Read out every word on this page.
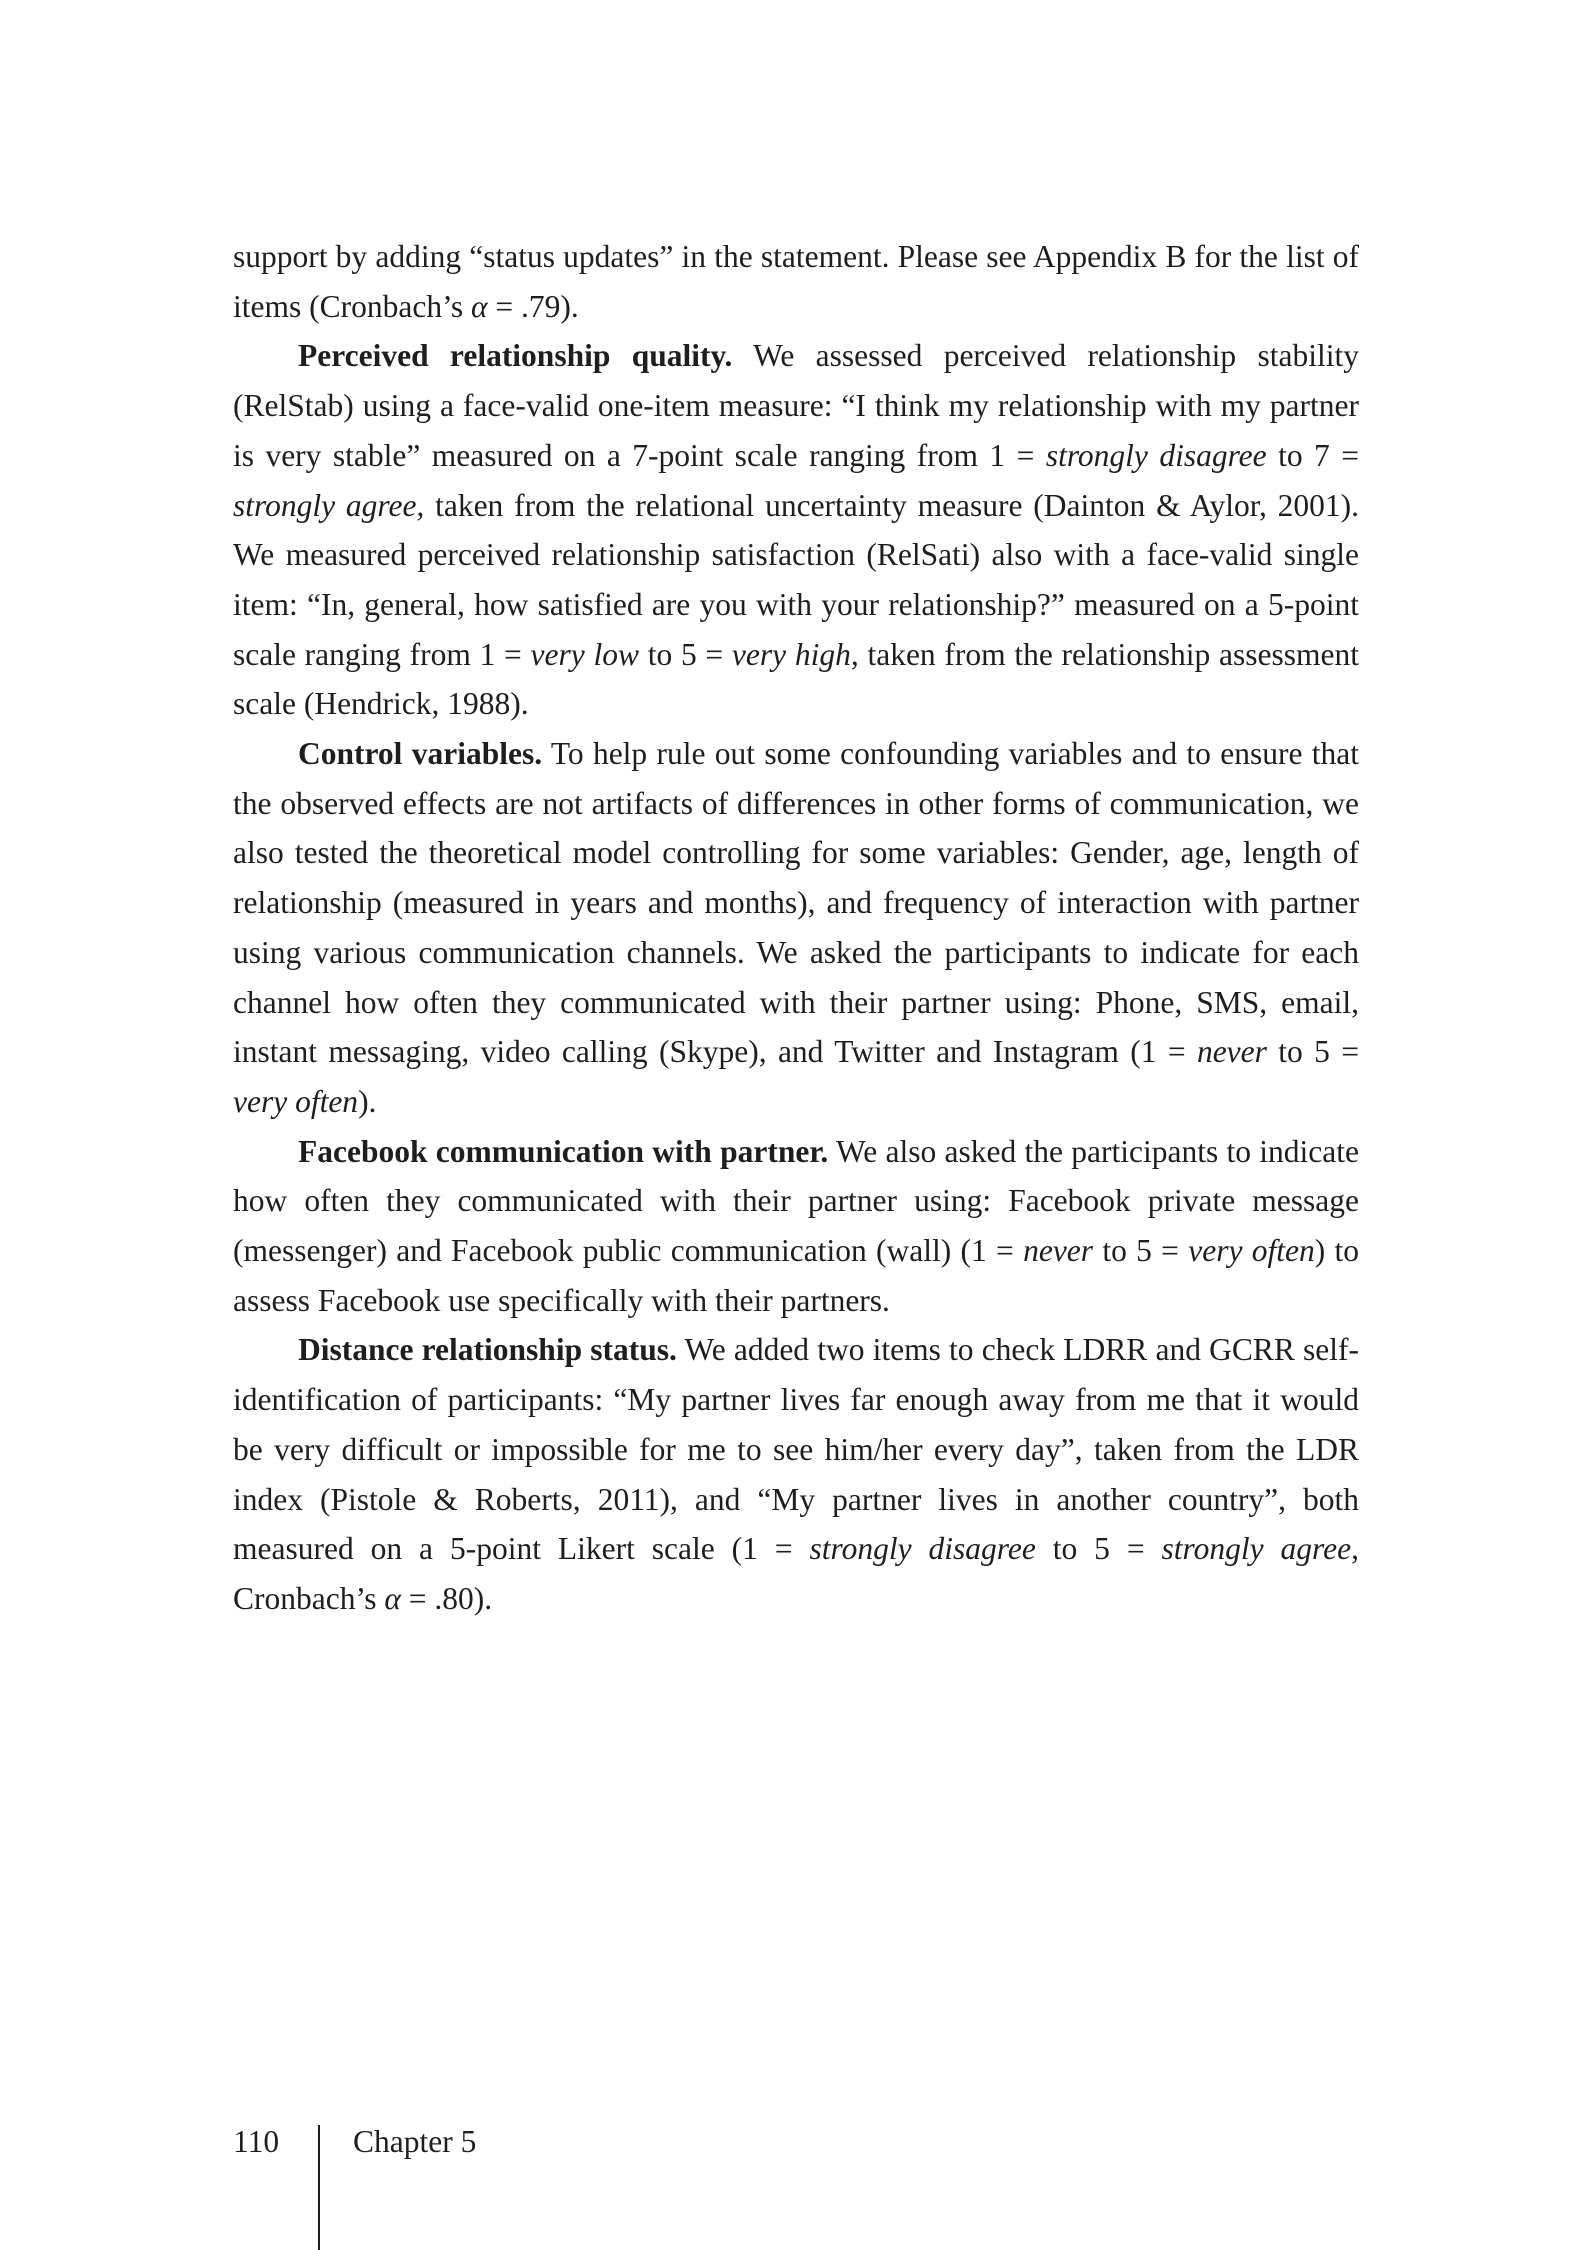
support by adding “status updates” in the statement. Please see Appendix B for the list of items (Cronbach’s α = .79).

Perceived relationship quality. We assessed perceived relationship stability (RelStab) using a face-valid one-item measure: “I think my relationship with my partner is very stable” measured on a 7-point scale ranging from 1 = strongly disagree to 7 = strongly agree, taken from the relational uncertainty measure (Dainton & Aylor, 2001). We measured perceived relationship satisfaction (RelSati) also with a face-valid single item: “In, general, how satisfied are you with your relationship?” measured on a 5-point scale ranging from 1 = very low to 5 = very high, taken from the relationship assessment scale (Hendrick, 1988).

Control variables. To help rule out some confounding variables and to ensure that the observed effects are not artifacts of differences in other forms of communication, we also tested the theoretical model controlling for some variables: Gender, age, length of relationship (measured in years and months), and frequency of interaction with partner using various communication channels. We asked the participants to indicate for each channel how often they communicated with their partner using: Phone, SMS, email, instant messaging, video calling (Skype), and Twitter and Instagram (1 = never to 5 = very often).

Facebook communication with partner. We also asked the participants to indicate how often they communicated with their partner using: Facebook private message (messenger) and Facebook public communication (wall) (1 = never to 5 = very often) to assess Facebook use specifically with their partners.

Distance relationship status. We added two items to check LDRR and GCRR self-identification of participants: “My partner lives far enough away from me that it would be very difficult or impossible for me to see him/her every day”, taken from the LDR index (Pistole & Roberts, 2011), and “My partner lives in another country”, both measured on a 5-point Likert scale (1 = strongly disagree to 5 = strongly agree, Cronbach’s α = .80).

110 Chapter 5
